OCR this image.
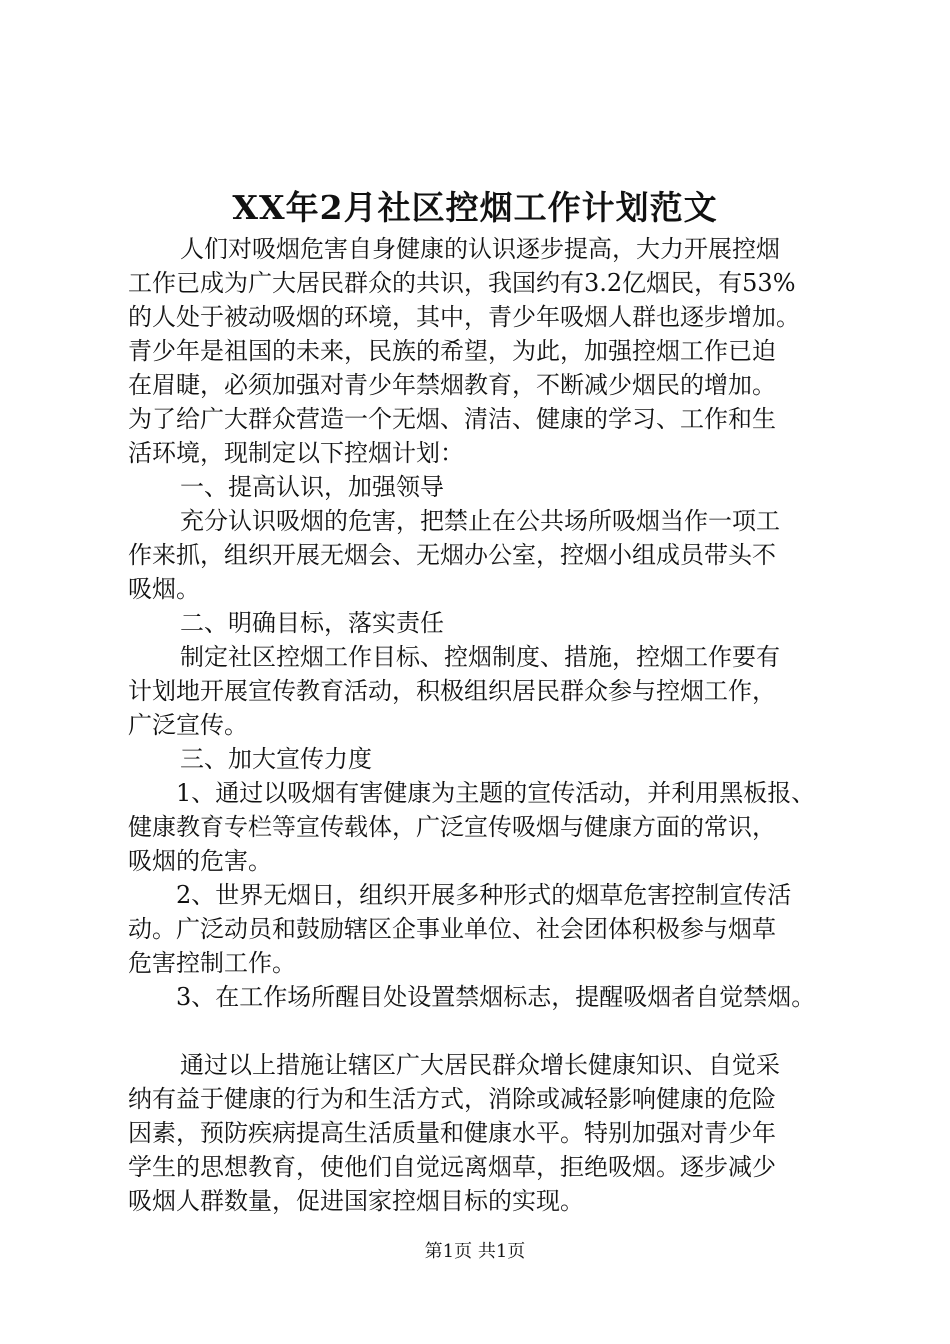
XX年2月社区控烟工作计划范文
人们对吸烟危害自身健康的认识逐步提高，大力开展控烟
工作已成为广大居民群众的共识，我国约有3.2亿烟民，有53%
的人处于被动吸烟的环境，其中，青少年吸烟人群也逐步增加。
青少年是祖国的未来，民族的希望，为此，加强控烟工作已迫
在眉睫，必须加强对青少年禁烟教育，不断减少烟民的增加。
为了给广大群众营造一个无烟、清洁、健康的学习、工作和生
活环境，现制定以下控烟计划：
一、提高认识，加强领导
充分认识吸烟的危害，把禁止在公共场所吸烟当作一项工
作来抓，组织开展无烟会、无烟办公室，控烟小组成员带头不
吸烟。
二、明确目标，落实责任
制定社区控烟工作目标、控烟制度、措施，控烟工作要有
计划地开展宣传教育活动，积极组织居民群众参与控烟工作，
广泛宣传。
三、加大宣传力度
1、通过以吸烟有害健康为主题的宣传活动，并利用黑板报、
健康教育专栏等宣传载体，广泛宣传吸烟与健康方面的常识，
吸烟的危害。
2、世界无烟日，组织开展多种形式的烟草危害控制宣传活
动。广泛动员和鼓励辖区企事业单位、社会团体积极参与烟草
危害控制工作。
3、在工作场所醒目处设置禁烟标志，提醒吸烟者自觉禁烟。
通过以上措施让辖区广大居民群众增长健康知识、自觉采
纳有益于健康的行为和生活方式，消除或减轻影响健康的危险
因素，预防疾病提高生活质量和健康水平。特别加强对青少年
学生的思想教育，使他们自觉远离烟草，拒绝吸烟。逐步减少
吸烟人群数量，促进国家控烟目标的实现。
第1页 共1页
